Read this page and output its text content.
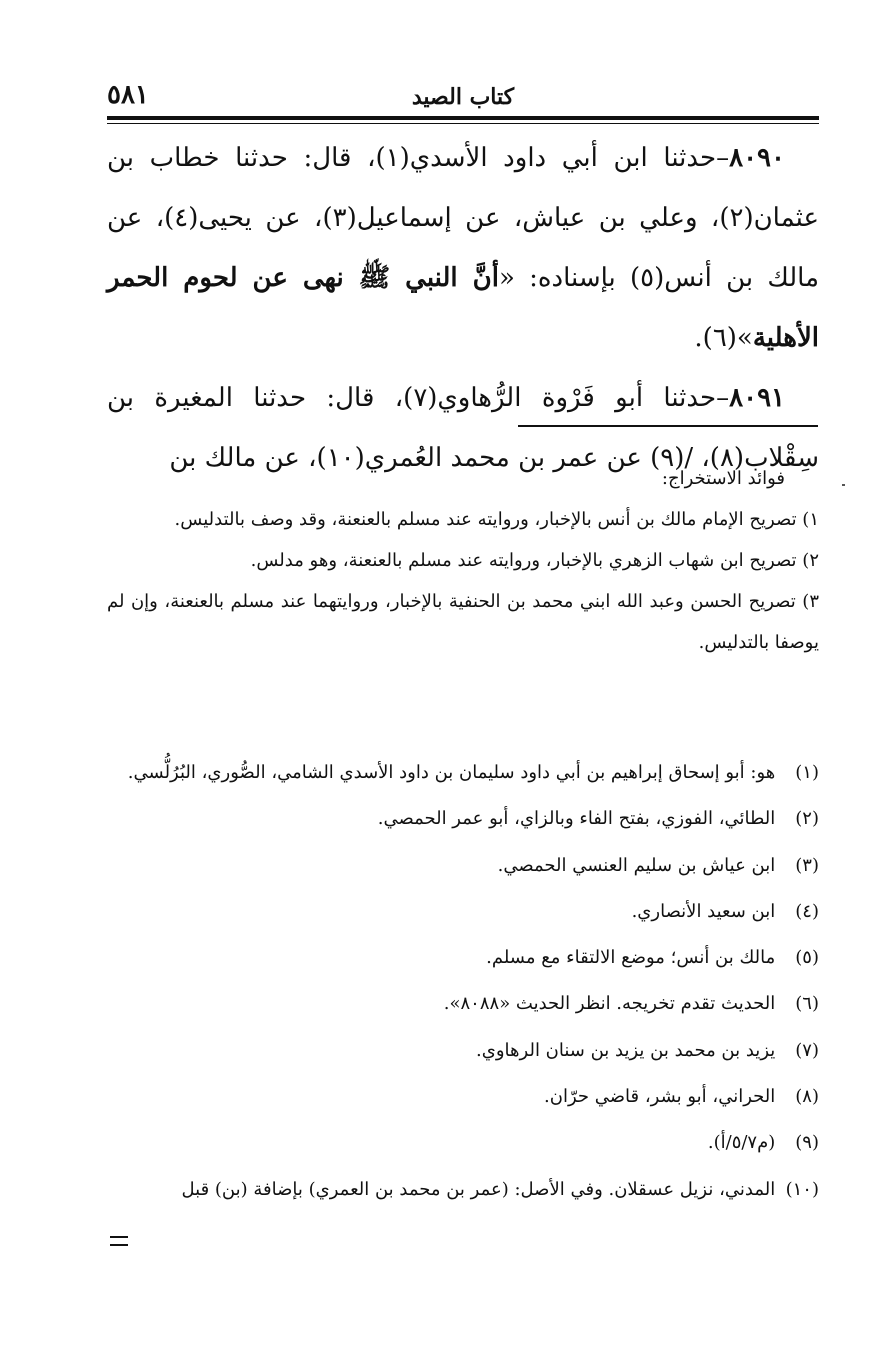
٥٨١	كتاب الصيد

٨٠٩٠–حدثنا ابن أبي داود الأسدي(١)، قال: حدثنا خطاب بن عثمان(٢)، وعلي بن عياش، عن إسماعيل(٣)، عن يحيى(٤)، عن مالك بن أنس(٥) بإسناده: «أنَّ النبي ﷺ نهى عن لحوم الحمر الأهلية»(٦).

٨٠٩١–حدثنا أبو فَرْوة الرُّهاوي(٧)، قال: حدثنا المغيرة بن سِقْلاب(٨)، /(٩) عن عمر بن محمد العُمري(١٠)، عن مالك بن

فوائد الاستخراج:

١) تصريح الإمام مالك بن أنس بالإخبار، وروايته عند مسلم بالعنعنة، وقد وصف بالتدليس.

٢) تصريح ابن شهاب الزهري بالإخبار، وروايته عند مسلم بالعنعنة، وهو مدلس.

٣) تصريح الحسن وعبد الله ابني محمد بن الحنفية بالإخبار، وروايتهما عند مسلم بالعنعنة، وإن لم يوصفا بالتدليس.

(١) هو: أبو إسحاق إبراهيم بن أبي داود سليمان بن داود الأسدي الشامي، الصُّوري، البُرُلُّسي.
(٢) الطائي، الفوزي، بفتح الفاء وبالزاي، أبو عمر الحمصي.
(٣) ابن عياش بن سليم العنسي الحمصي.
(٤) ابن سعيد الأنصاري.
(٥) مالك بن أنس؛ موضع الالتقاء مع مسلم.
(٦) الحديث تقدم تخريجه. انظر الحديث «٨٠٨٨».
(٧) يزيد بن محمد بن يزيد بن سنان الرهاوي.
(٨) الحراني، أبو بشر، قاضي حرّان.
(٩) (م٥/٧/أ).
(١٠) المدني، نزيل عسقلان. وفي الأصل: (عمر بن محمد بن العمري) بإضافة (بن) قبل
